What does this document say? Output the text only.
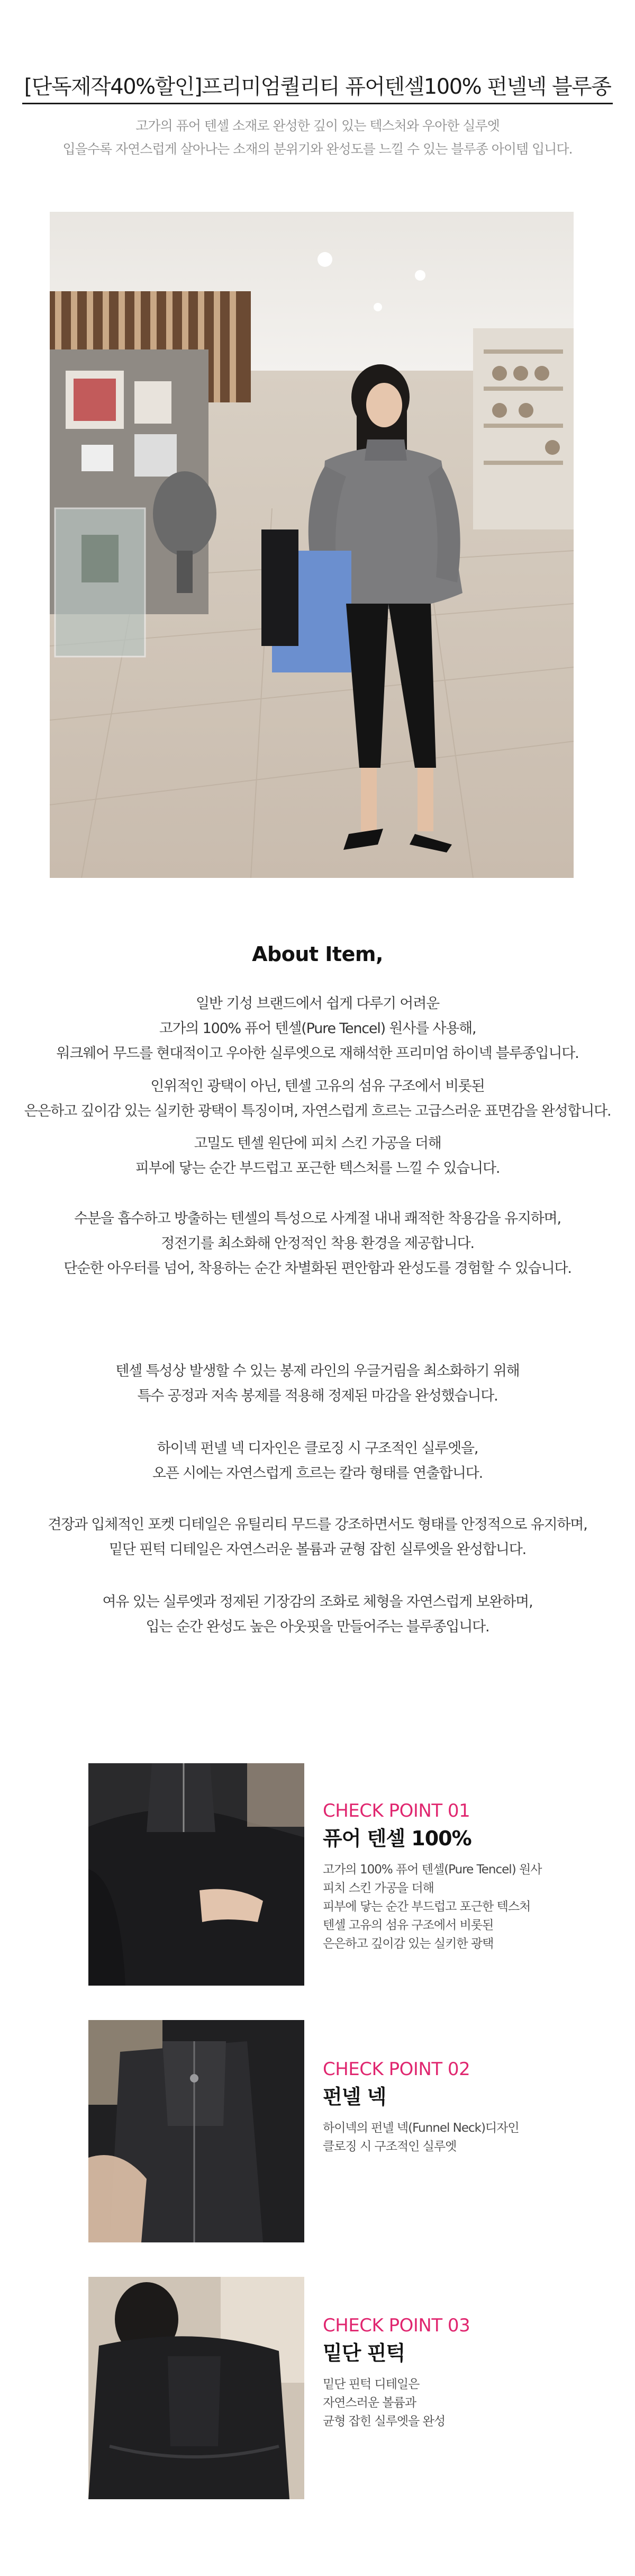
[단독제작40%할인]프리미엄퀄리티 퓨어텐셀100% 펀넬넥 블루종
고가의 퓨어 텐셀 소재로 완성한 깊이 있는 텍스처와 우아한 실루엣
입을수록 자연스럽게 살아나는 소재의 분위기와 완성도를 느낄 수 있는 블루종 아이템 입니다.
About Item,
일반 기성 브랜드에서 쉽게 다루기 어려운
고가의 100% 퓨어 텐셀(Pure Tencel) 원사를 사용해,
워크웨어 무드를 현대적이고 우아한 실루엣으로 재해석한 프리미엄 하이넥 블루종입니다.
인위적인 광택이 아닌, 텐셀 고유의 섬유 구조에서 비롯된
은은하고 깊이감 있는 실키한 광택이 특징이며, 자연스럽게 흐르는 고급스러운 표면감을 완성합니다.
고밀도 텐셀 원단에 피치 스킨 가공을 더해
피부에 닿는 순간 부드럽고 포근한 텍스처를 느낄 수 있습니다.
수분을 흡수하고 방출하는 텐셀의 특성으로 사계절 내내 쾌적한 착용감을 유지하며,
정전기를 최소화해 안정적인 착용 환경을 제공합니다.
단순한 아우터를 넘어, 착용하는 순간 차별화된 편안함과 완성도를 경험할 수 있습니다.
텐셀 특성상 발생할 수 있는 봉제 라인의 우글거림을 최소화하기 위해
특수 공정과 저속 봉제를 적용해 정제된 마감을 완성했습니다.
하이넥 펀넬 넥 디자인은 클로징 시 구조적인 실루엣을,
오픈 시에는 자연스럽게 흐르는 칼라 형태를 연출합니다.
견장과 입체적인 포켓 디테일은 유틸리티 무드를 강조하면서도 형태를 안정적으로 유지하며,
밑단 핀턱 디테일은 자연스러운 볼륨과 균형 잡힌 실루엣을 완성합니다.
여유 있는 실루엣과 정제된 기장감의 조화로 체형을 자연스럽게 보완하며,
입는 순간 완성도 높은 아웃핏을 만들어주는 블루종입니다.
CHECK POINT 01
퓨어 텐셀 100%
고가의 100% 퓨어 텐셀(Pure Tencel) 원사
피치 스킨 가공을 더해
피부에 닿는 순간 부드럽고 포근한 텍스처
텐셀 고유의 섬유 구조에서 비롯된
은은하고 깊이감 있는 실키한 광택
CHECK POINT 02
펀넬 넥
하이넥의 펀넬 넥(Funnel Neck)디자인
클로징 시 구조적인 실루엣
CHECK POINT 03
밑단 핀턱
밑단 핀턱 디테일은
자연스러운 볼륨과
균형 잡힌 실루엣을 완성
